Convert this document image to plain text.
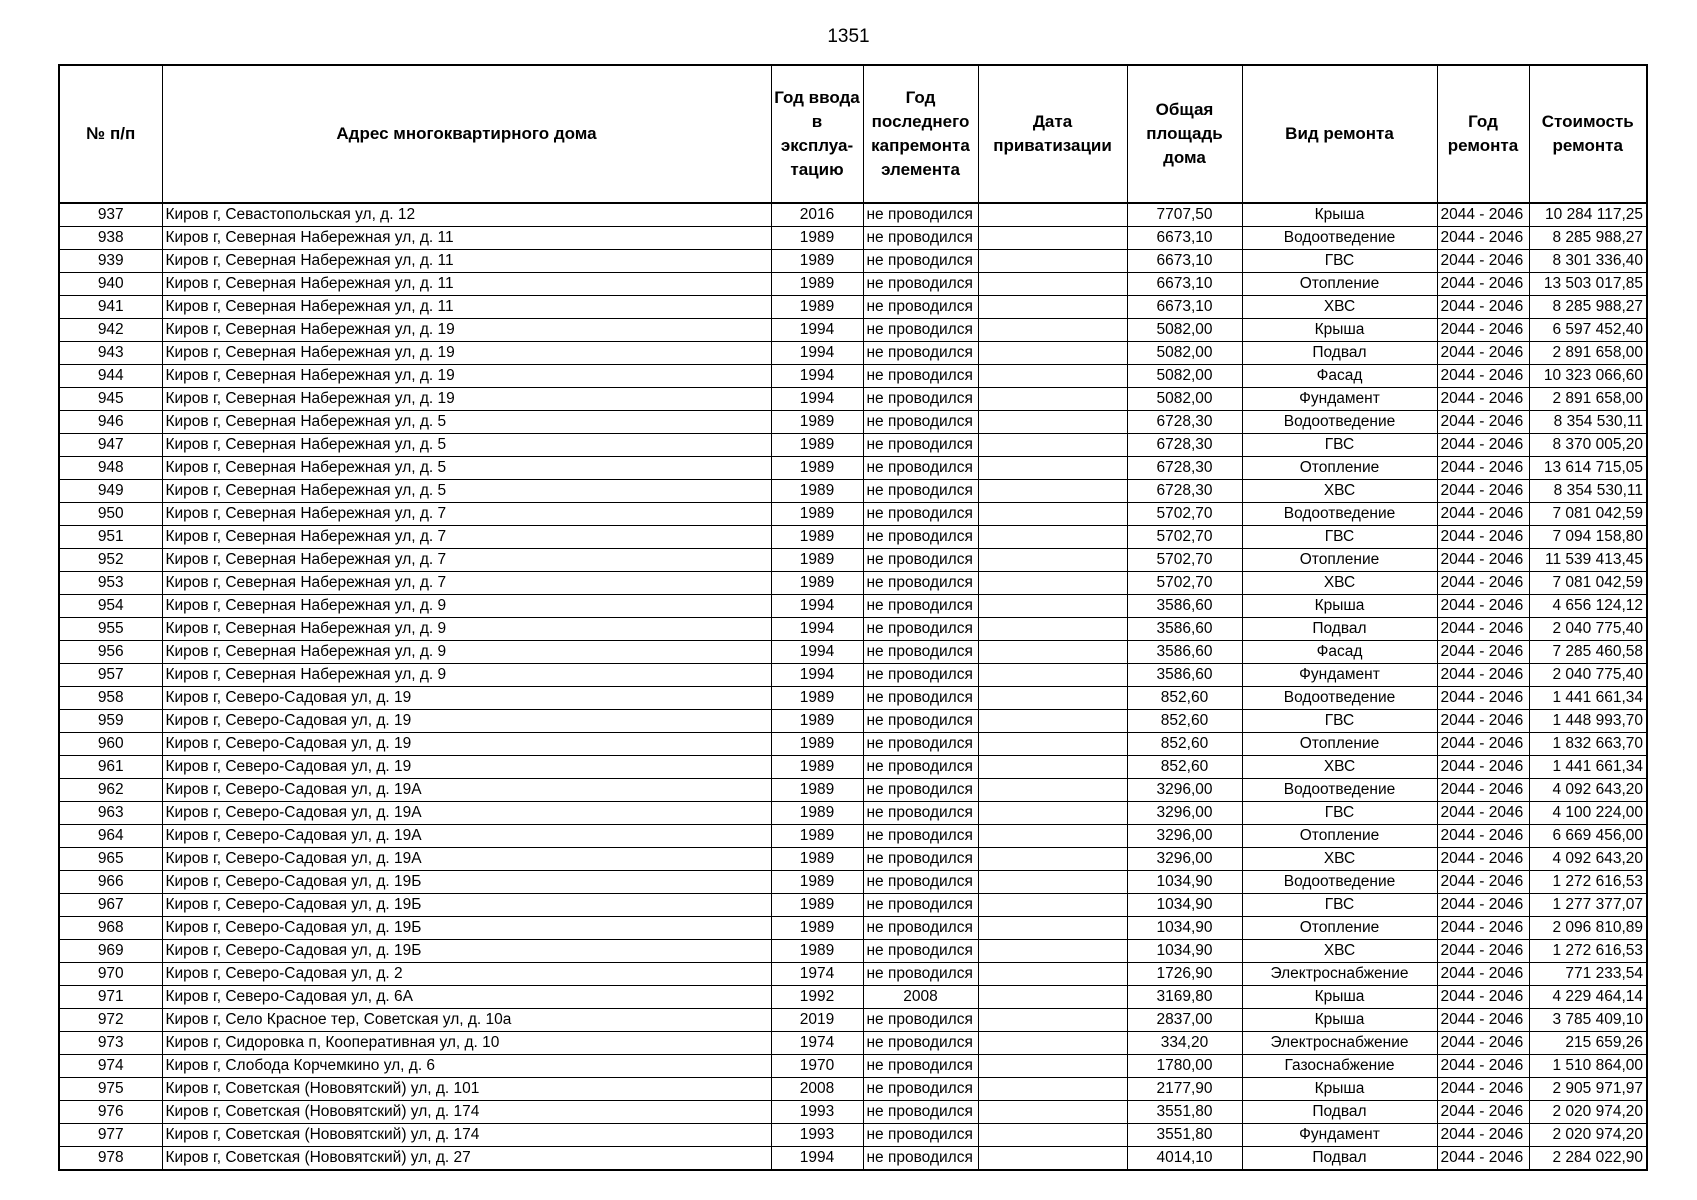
1351
№ п/п	Адрес многоквартирного дома	Год ввода в эксплуа-тацию	Год последнего капремонта элемента	Дата приватизации	Общая площадь дома	Вид ремонта	Год ремонта	Стоимость ремонта
937	Киров г, Севастопольская ул, д. 12	2016	не проводился		7707,50	Крыша	2044 - 2046	10 284 117,25
938	Киров г, Северная Набережная ул, д. 11	1989	не проводился		6673,10	Водоотведение	2044 - 2046	8 285 988,27
939	Киров г, Северная Набережная ул, д. 11	1989	не проводился		6673,10	ГВС	2044 - 2046	8 301 336,40
940	Киров г, Северная Набережная ул, д. 11	1989	не проводился		6673,10	Отопление	2044 - 2046	13 503 017,85
941	Киров г, Северная Набережная ул, д. 11	1989	не проводился		6673,10	ХВС	2044 - 2046	8 285 988,27
942	Киров г, Северная Набережная ул, д. 19	1994	не проводился		5082,00	Крыша	2044 - 2046	6 597 452,40
943	Киров г, Северная Набережная ул, д. 19	1994	не проводился		5082,00	Подвал	2044 - 2046	2 891 658,00
944	Киров г, Северная Набережная ул, д. 19	1994	не проводился		5082,00	Фасад	2044 - 2046	10 323 066,60
945	Киров г, Северная Набережная ул, д. 19	1994	не проводился		5082,00	Фундамент	2044 - 2046	2 891 658,00
946	Киров г, Северная Набережная ул, д. 5	1989	не проводился		6728,30	Водоотведение	2044 - 2046	8 354 530,11
947	Киров г, Северная Набережная ул, д. 5	1989	не проводился		6728,30	ГВС	2044 - 2046	8 370 005,20
948	Киров г, Северная Набережная ул, д. 5	1989	не проводился		6728,30	Отопление	2044 - 2046	13 614 715,05
949	Киров г, Северная Набережная ул, д. 5	1989	не проводился		6728,30	ХВС	2044 - 2046	8 354 530,11
950	Киров г, Северная Набережная ул, д. 7	1989	не проводился		5702,70	Водоотведение	2044 - 2046	7 081 042,59
951	Киров г, Северная Набережная ул, д. 7	1989	не проводился		5702,70	ГВС	2044 - 2046	7 094 158,80
952	Киров г, Северная Набережная ул, д. 7	1989	не проводился		5702,70	Отопление	2044 - 2046	11 539 413,45
953	Киров г, Северная Набережная ул, д. 7	1989	не проводился		5702,70	ХВС	2044 - 2046	7 081 042,59
954	Киров г, Северная Набережная ул, д. 9	1994	не проводился		3586,60	Крыша	2044 - 2046	4 656 124,12
955	Киров г, Северная Набережная ул, д. 9	1994	не проводился		3586,60	Подвал	2044 - 2046	2 040 775,40
956	Киров г, Северная Набережная ул, д. 9	1994	не проводился		3586,60	Фасад	2044 - 2046	7 285 460,58
957	Киров г, Северная Набережная ул, д. 9	1994	не проводился		3586,60	Фундамент	2044 - 2046	2 040 775,40
958	Киров г, Северо-Садовая ул, д. 19	1989	не проводился		852,60	Водоотведение	2044 - 2046	1 441 661,34
959	Киров г, Северо-Садовая ул, д. 19	1989	не проводился		852,60	ГВС	2044 - 2046	1 448 993,70
960	Киров г, Северо-Садовая ул, д. 19	1989	не проводился		852,60	Отопление	2044 - 2046	1 832 663,70
961	Киров г, Северо-Садовая ул, д. 19	1989	не проводился		852,60	ХВС	2044 - 2046	1 441 661,34
962	Киров г, Северо-Садовая ул, д. 19А	1989	не проводился		3296,00	Водоотведение	2044 - 2046	4 092 643,20
963	Киров г, Северо-Садовая ул, д. 19А	1989	не проводился		3296,00	ГВС	2044 - 2046	4 100 224,00
964	Киров г, Северо-Садовая ул, д. 19А	1989	не проводился		3296,00	Отопление	2044 - 2046	6 669 456,00
965	Киров г, Северо-Садовая ул, д. 19А	1989	не проводился		3296,00	ХВС	2044 - 2046	4 092 643,20
966	Киров г, Северо-Садовая ул, д. 19Б	1989	не проводился		1034,90	Водоотведение	2044 - 2046	1 272 616,53
967	Киров г, Северо-Садовая ул, д. 19Б	1989	не проводился		1034,90	ГВС	2044 - 2046	1 277 377,07
968	Киров г, Северо-Садовая ул, д. 19Б	1989	не проводился		1034,90	Отопление	2044 - 2046	2 096 810,89
969	Киров г, Северо-Садовая ул, д. 19Б	1989	не проводился		1034,90	ХВС	2044 - 2046	1 272 616,53
970	Киров г, Северо-Садовая ул, д. 2	1974	не проводился		1726,90	Электроснабжение	2044 - 2046	771 233,54
971	Киров г, Северо-Садовая ул, д. 6А	1992	2008		3169,80	Крыша	2044 - 2046	4 229 464,14
972	Киров г, Село Красное тер, Советская ул, д. 10а	2019	не проводился		2837,00	Крыша	2044 - 2046	3 785 409,10
973	Киров г, Сидоровка п, Кооперативная ул, д. 10	1974	не проводился		334,20	Электроснабжение	2044 - 2046	215 659,26
974	Киров г, Слобода Корчемкино ул, д. 6	1970	не проводился		1780,00	Газоснабжение	2044 - 2046	1 510 864,00
975	Киров г, Советская (Нововятский) ул, д. 101	2008	не проводился		2177,90	Крыша	2044 - 2046	2 905 971,97
976	Киров г, Советская (Нововятский) ул, д. 174	1993	не проводился		3551,80	Подвал	2044 - 2046	2 020 974,20
977	Киров г, Советская (Нововятский) ул, д. 174	1993	не проводился		3551,80	Фундамент	2044 - 2046	2 020 974,20
978	Киров г, Советская (Нововятский) ул, д. 27	1994	не проводился		4014,10	Подвал	2044 - 2046	2 284 022,90
